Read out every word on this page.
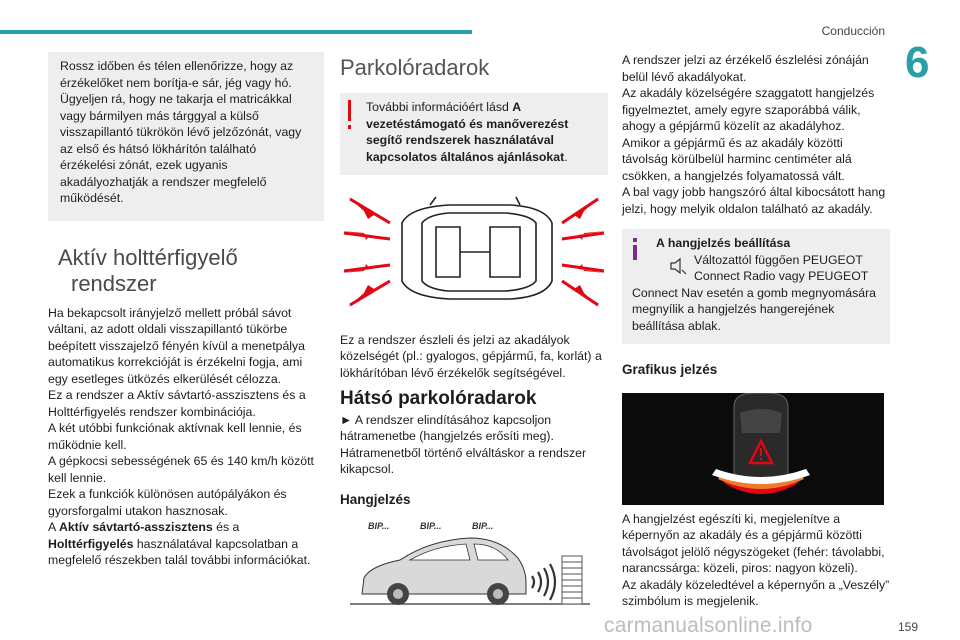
Conducción
6
159
carmanualsonline.info

Rossz időben és télen ellenőrizze, hogy az érzékelőket nem borítja-e sár, jég vagy hó. Ügyeljen rá, hogy ne takarja el matricákkal vagy bármilyen más tárggyal a külső visszapillantó tükrökön lévő jelzőzónát, vagy az első és hátsó lökhárítón található érzékelési zónát, ezek ugyanis akadályozhatják a rendszer megfelelő működését.

Aktív holttérfigyelő
rendszer

Ha bekapcsolt irányjelző mellett próbál sávot váltani, az adott oldali visszapillantó tükörbe beépített visszajelző fényén kívül a menetpálya automatikus korrekcióját is érzékelni fogja, ami egy esetleges ütközés elkerülését célozza.

Ez a rendszer a Aktív sávtartó-asszisztens és a Holttérfigyelés rendszer kombinációja.

A két utóbbi funkciónak aktívnak kell lennie, és működnie kell.

A gépkocsi sebességének 65 és 140 km/h között kell lennie.

Ezek a funkciók különösen autópályákon és gyorsforgalmi utakon hasznosak.

A Aktív sávtartó-asszisztens és a Holttérfigyelés használatával kapcsolatban a megfelelő részekben talál további információkat.

Parkolóradarok

További információért lásd A vezetéstámogató és manőverezést segítő rendszerek használatával kapcsolatos általános ajánlásokat.

Ez a rendszer észleli és jelzi az akadályok közelségét (pl.: gyalogos, gépjármű, fa, korlát) a lökhárítóban lévő érzékelők segítségével.

Hátsó parkolóradarok

► A rendszer elindításához kapcsoljon hátramenetbe (hangjelzés erősíti meg).

Hátramenetből történő elváltáskor a rendszer kikapcsol.

Hangjelzés
BIP...	BIP...	BIP...

A rendszer jelzi az érzékelő észlelési zónáján belül lévő akadályokat.

Az akadály közelségére szaggatott hangjelzés figyelmeztet, amely egyre szaporábbá válik, ahogy a gépjármű közelít az akadályhoz.

Amikor a gépjármű és az akadály közötti távolság körülbelül harminc centiméter alá csökken, a hangjelzés folyamatossá vált.

A bal vagy jobb hangszóró által kibocsátott hang jelzi, hogy melyik oldalon található az akadály.

A hangjelzés beállítása
Változattól függően PEUGEOT Connect Radio vagy PEUGEOT
Connect Nav esetén a gomb megnyomására megnyílik a hangjelzés hangerejének beállítása ablak.
Grafikus jelzés

A hangjelzést egészíti ki, megjelenítve a képernyőn az akadály és a gépjármű közötti távolságot jelölő négyszögeket (fehér: távolabbi, narancssárga: közeli, piros: nagyon közeli).

Az akadály közeledtével a képernyőn a „Veszély” szimbólum is megjelenik.
